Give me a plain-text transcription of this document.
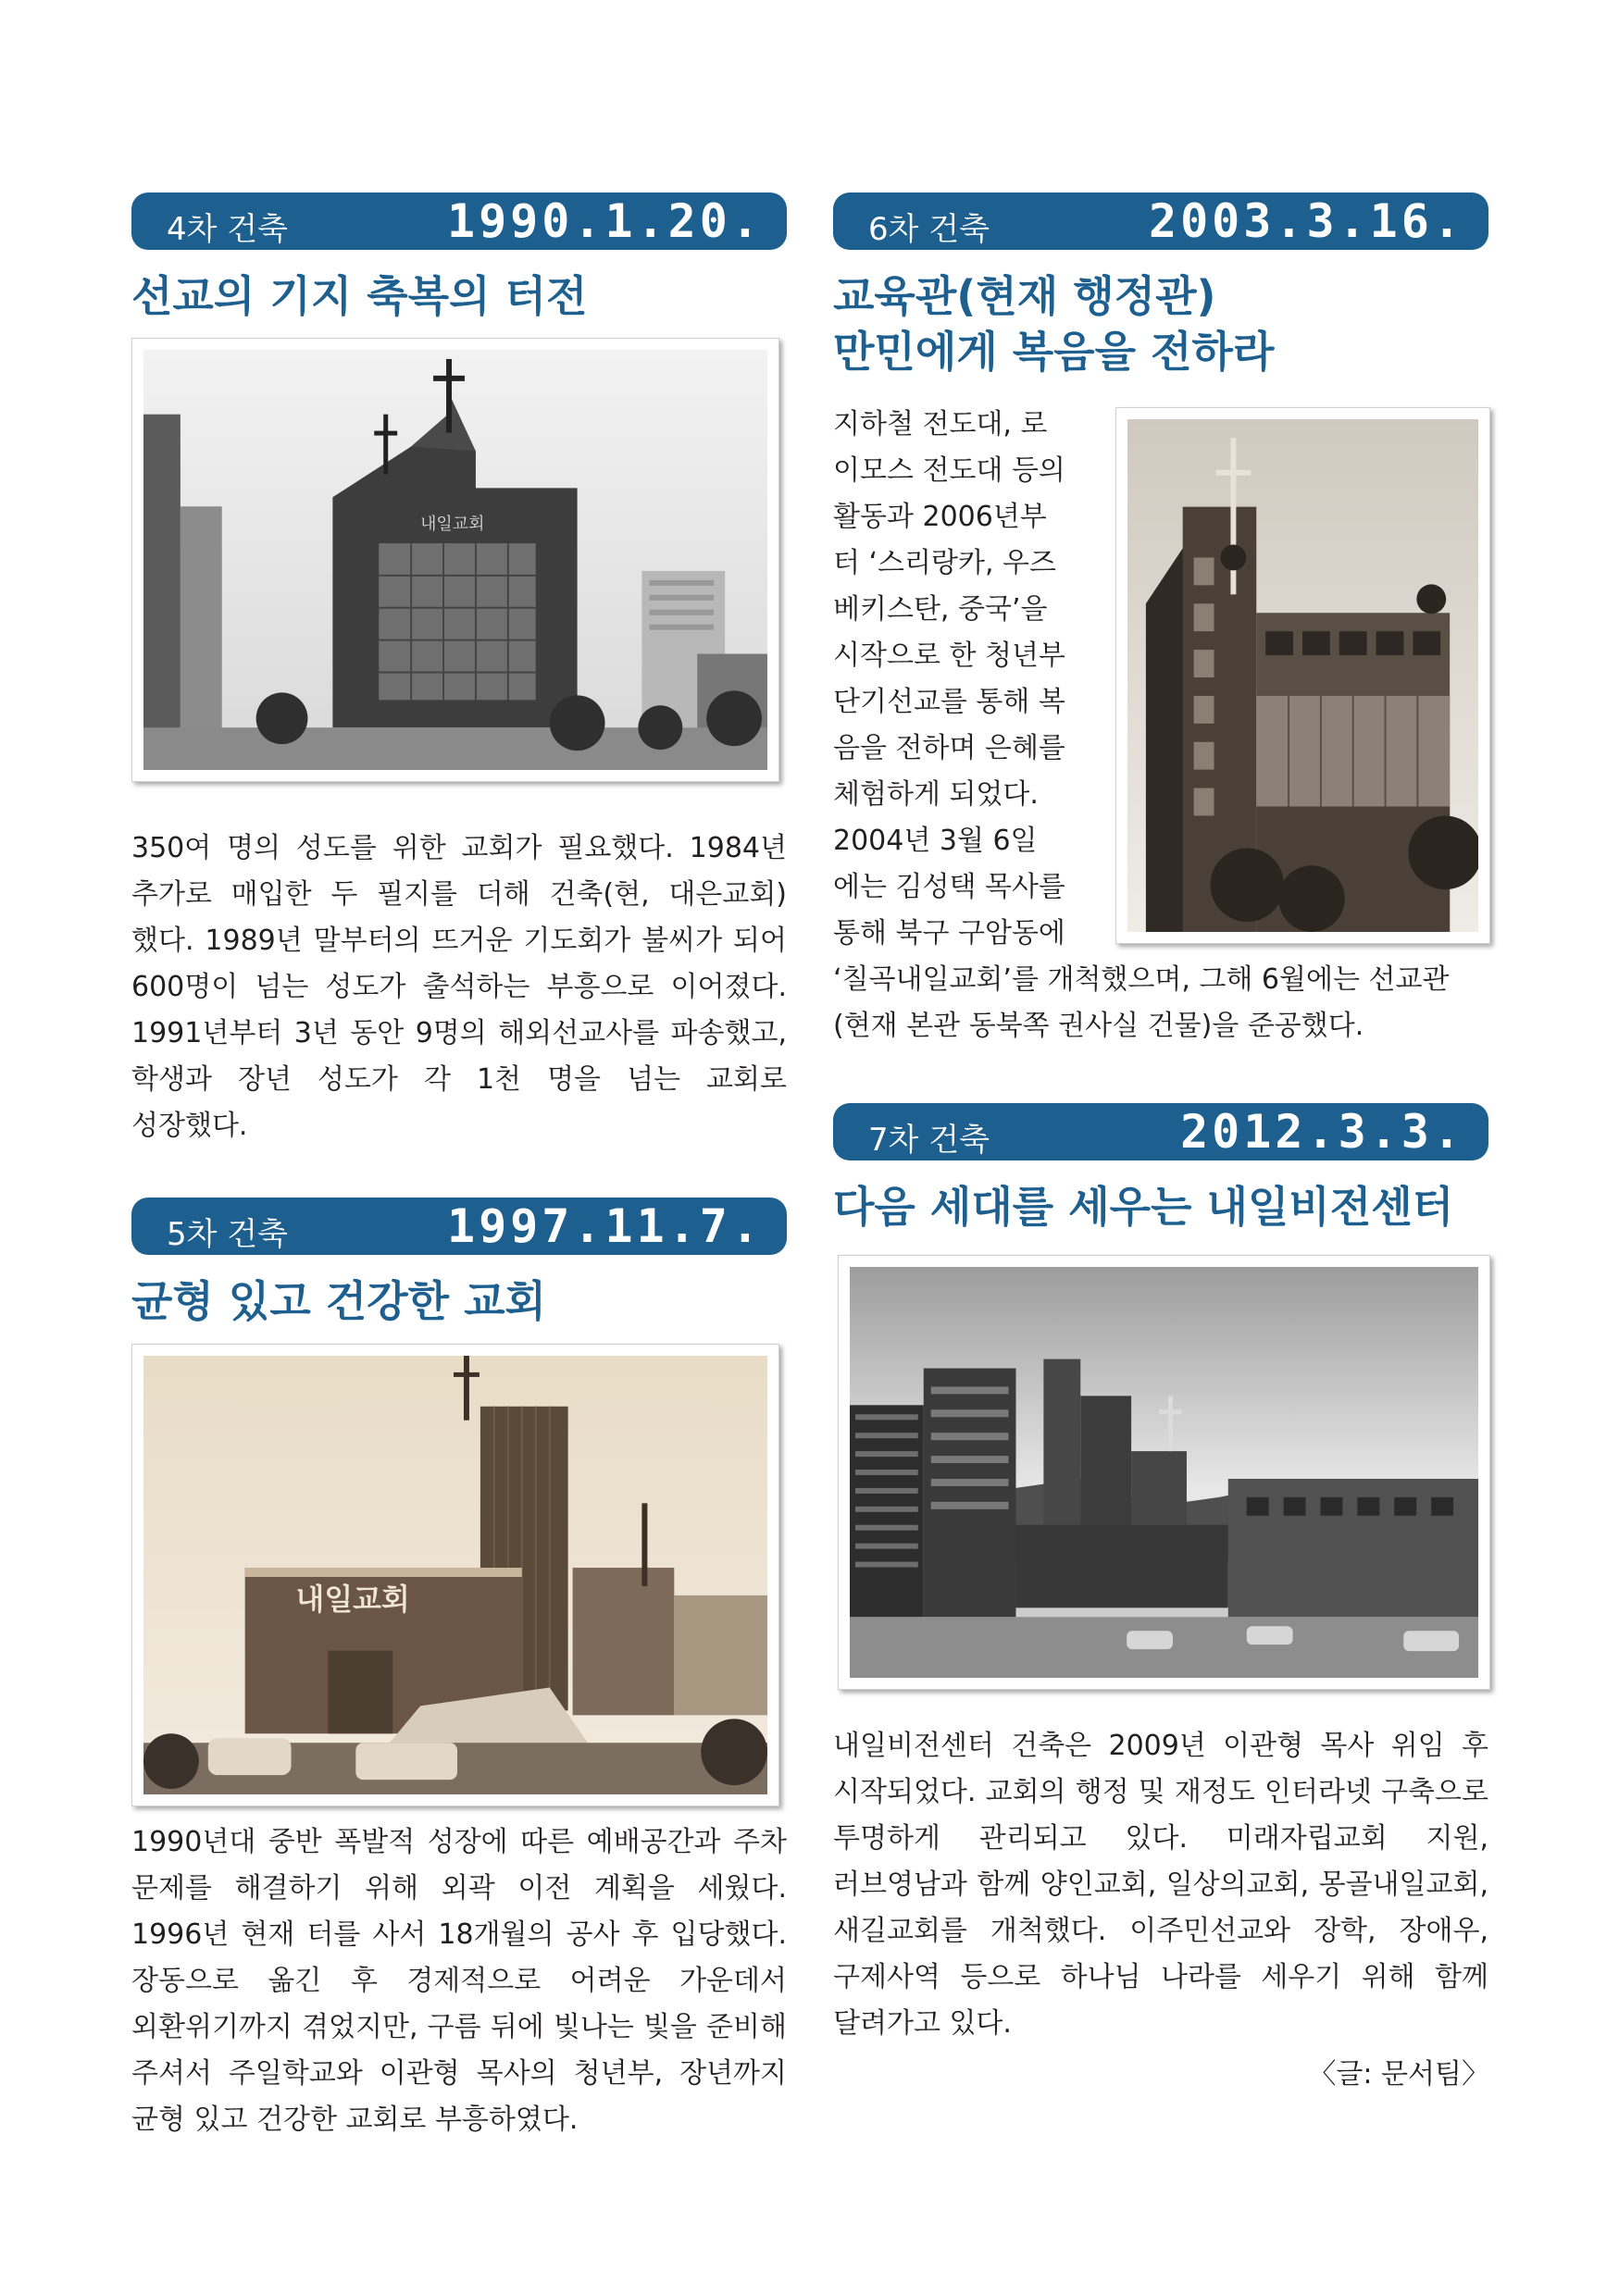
4차 건축	1990.1.20.
선교의 기지 축복의 터전
내일교회

350여 명의 성도를 위한 교회가 필요했다. 1984년 추가로 매입한 두 필지를 더해 건축(현, 대은교회)했다. 1989년 말부터의 뜨거운 기도회가 불씨가 되어 600명이 넘는 성도가 출석하는 부흥으로 이어졌다. 1991년부터 3년 동안 9명의 해외선교사를 파송했고, 학생과 장년 성도가 각 1천 명을 넘는 교회로 성장했다.

5차 건축	1997.11.7.
균형 있고 건강한 교회
내일교회

1990년대 중반 폭발적 성장에 따른 예배공간과 주차 문제를 해결하기 위해 외곽 이전 계획을 세웠다. 1996년 현재 터를 사서 18개월의 공사 후 입당했다. 장동으로 옮긴 후 경제적으로 어려운 가운데서 외환위기까지 겪었지만, 구름 뒤에 빛나는 빛을 준비해 주셔서 주일학교와 이관형 목사의 청년부, 장년까지 균형 있고 건강한 교회로 부흥하였다.

6차 건축	2003.3.16.
교육관(현재 행정관)
만민에게 복음을 전하라
지하철 전도대, 로
이모스 전도대 등의
활동과 2006년부
터 ‘스리랑카, 우즈
베키스탄, 중국’을
시작으로 한 청년부
단기선교를 통해 복
음을 전하며 은혜를
체험하게 되었다.
2004년 3월 6일
에는 김성택 목사를
통해 북구 구암동에
‘칠곡내일교회’를 개척했으며, 그해 6월에는 선교관
(현재 본관 동북쪽 권사실 건물)을 준공했다.
7차 건축	2012.3.3.
다음 세대를 세우는 내일비전센터

내일비전센터 건축은 2009년 이관형 목사 위임 후 시작되었다. 교회의 행정 및 재정도 인터라넷 구축으로 투명하게 관리되고 있다. 미래자립교회 지원, 러브영남과 함께 양인교회, 일상의교회, 몽골내일교회, 새길교회를 개척했다. 이주민선교와 장학, 장애우, 구제사역 등으로 하나님 나라를 세우기 위해 함께 달려가고 있다.

〈글: 문서팀〉
